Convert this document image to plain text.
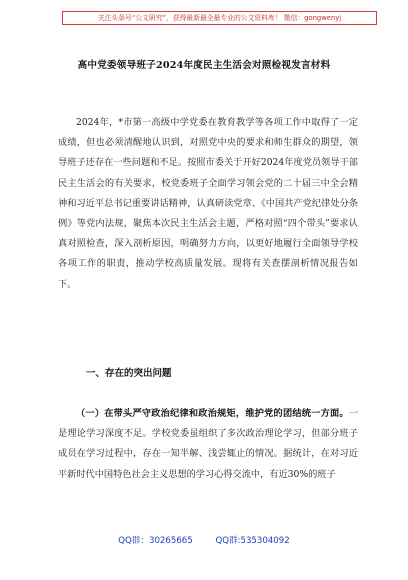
关注头条号“公文研究”，获得最新最全最专业的公文资料库！ 微信：gongwenyj
高中党委领导班子2024年度民主生活会对照检视发言材料

2024年，*市第一高级中学党委在教育教学等各项工作中取得了一定成绩，但也必须清醒地认识到，对照党中央的要求和师生群众的期望，领导班子还存在一些问题和不足。按照市委关于开好2024年度党员领导干部民主生活会的有关要求，校党委班子全面学习领会党的二十届三中全会精神和习近平总书记重要讲话精神，认真研读党章、《中国共产党纪律处分条例》等党内法规，聚焦本次民主生活会主题，严格对照“四个带头”要求认真对照检查，深入剖析原因，明确努力方向，以更好地履行全面领导学校各项工作的职责，推动学校高质量发展。现将有关查摆剖析情况报告如下。

一、存在的突出问题

（一）在带头严守政治纪律和政治规矩，维护党的团结统一方面。一是理论学习深度不足。学校党委虽组织了多次政治理论学习，但部分班子成员在学习过程中，存在一知半解、浅尝辄止的情况。据统计，在对习近平新时代中国特色社会主义思想的学习心得交流中，有近30%的班子

QQ群：30265665	QQ群:535304092
